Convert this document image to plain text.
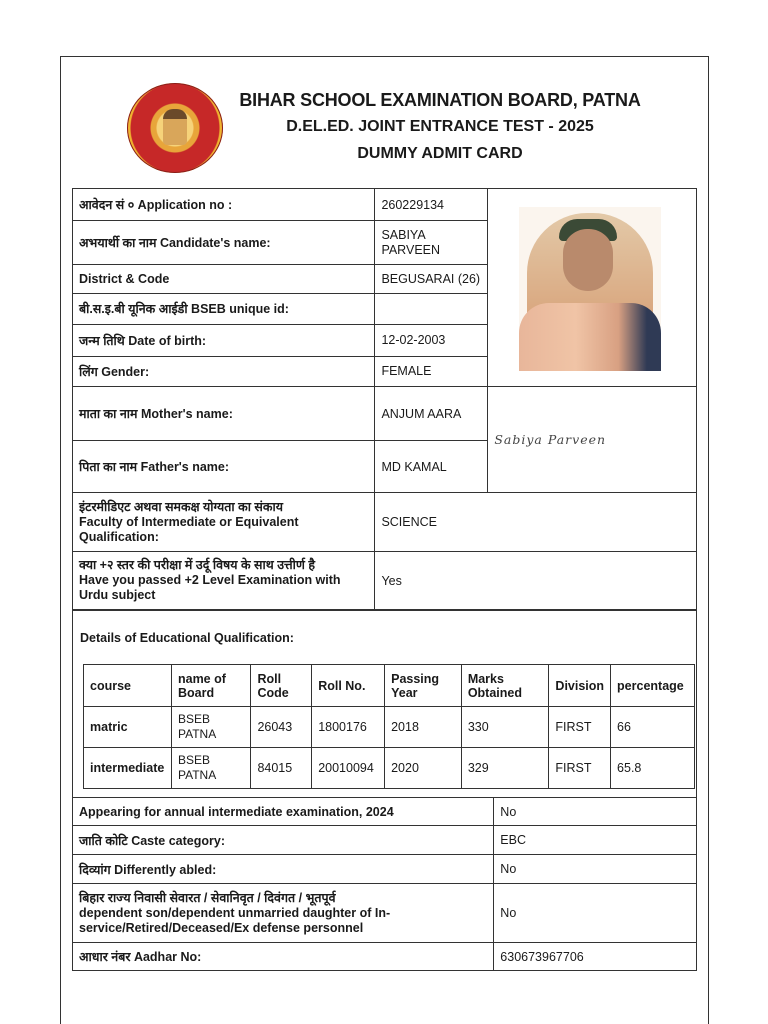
BIHAR SCHOOL EXAMINATION BOARD, PATNA
D.EL.ED. JOINT ENTRANCE TEST - 2025
DUMMY ADMIT CARD
आवेदन सं ० Application no :	260229134	

अभयार्थी का नाम Candidate's name:	SABIYA PARVEEN	
District & Code	BEGUSARAI (26)	
बी.स.इ.बी यूनिक आईडी BSEB unique id:		
जन्म तिथि Date of birth:	12-02-2003	
लिंग Gender:	FEMALE	
माता का नाम Mother's name:	ANJUM AARA	Sabiya Parveen
पिता का नाम Father's name:	MD KAMAL	

इंटरमीडिएट अथवा समकक्ष योग्यता का संकाय
Faculty of Intermediate or Equivalent Qualification:	SCIENCE	

क्या +२ स्तर की परीक्षा में उर्दू विषय के साथ उत्तीर्ण है
Have you passed +2 Level Examination with Urdu subject	Yes	
Details of Educational Qualification:
course	name of Board	Roll Code	Roll No.	Passing Year	Marks Obtained	Division	percentage
matric	BSEB PATNA	26043	1800176	2018	330	FIRST	66
intermediate	BSEB PATNA	84015	20010094	2020	329	FIRST	65.8
Appearing for annual intermediate examination, 2024	No
जाति कोटि Caste category:	EBC
दिव्यांग Differently abled:	No

बिहार राज्य निवासी सेवारत / सेवानिवृत / दिवंगत / भूतपूर्व
dependent son/dependent unmarried daughter of In-service/Retired/Deceased/Ex defense personnel	No
आधार नंबर Aadhar No:	630673967706
